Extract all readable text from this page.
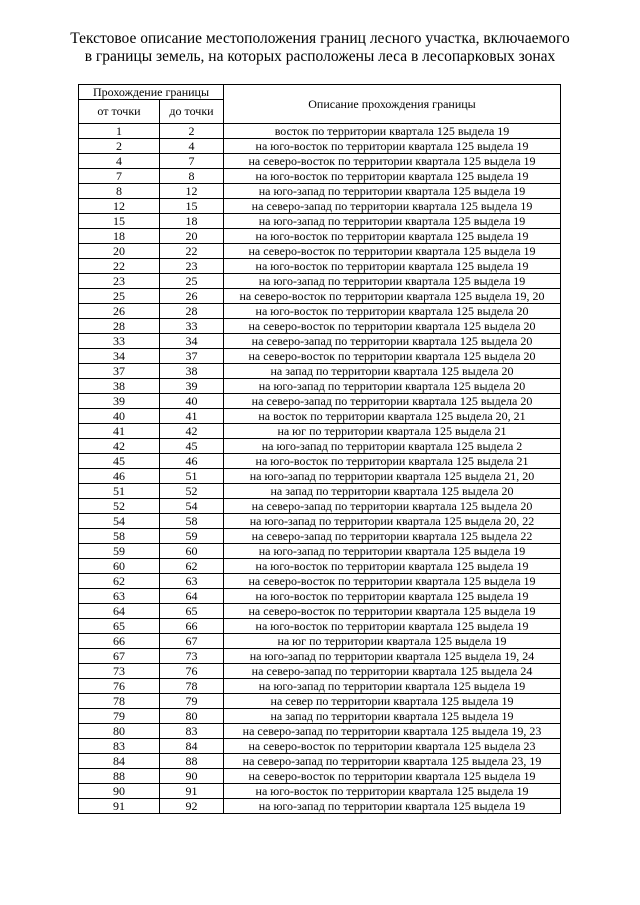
Текстовое описание местоположения границ лесного участка, включаемого
в границы земель, на которых расположены леса в лесопарковых зонах
Прохождение границы		Описание прохождения границы
от точки	до точки	
1	2	восток по территории квартала 125 выдела 19
2	4	на юго-восток по территории квартала 125 выдела 19
4	7	на северо-восток по территории квартала 125 выдела 19
7	8	на юго-восток по территории квартала 125 выдела 19
8	12	на юго-запад по территории квартала 125 выдела 19
12	15	на северо-запад по территории квартала 125 выдела 19
15	18	на юго-запад по территории квартала 125 выдела 19
18	20	на юго-восток по территории квартала 125 выдела 19
20	22	на северо-восток по территории квартала 125 выдела 19
22	23	на юго-восток по территории квартала 125 выдела 19
23	25	на юго-запад по территории квартала 125 выдела 19
25	26	на северо-восток по территории квартала 125 выдела 19, 20
26	28	на юго-восток по территории квартала 125 выдела 20
28	33	на северо-восток по территории квартала 125 выдела 20
33	34	на северо-запад по территории квартала 125 выдела 20
34	37	на северо-восток по территории квартала 125 выдела 20
37	38	на запад по территории квартала 125 выдела 20
38	39	на юго-запад по территории квартала 125 выдела 20
39	40	на северо-запад по территории квартала 125 выдела 20
40	41	на восток по территории квартала 125 выдела 20, 21
41	42	на юг по территории квартала 125 выдела 21
42	45	на юго-запад по территории квартала 125 выдела 2
45	46	на юго-восток по территории квартала 125 выдела 21
46	51	на юго-запад по территории квартала 125 выдела 21, 20
51	52	на запад по территории квартала 125 выдела 20
52	54	на северо-запад по территории квартала 125 выдела 20
54	58	на юго-запад по территории квартала 125 выдела 20, 22
58	59	на северо-запад по территории квартала 125 выдела 22
59	60	на юго-запад по территории квартала 125 выдела 19
60	62	на юго-восток по территории квартала 125 выдела 19
62	63	на северо-восток по территории квартала 125 выдела 19
63	64	на юго-восток по территории квартала 125 выдела 19
64	65	на северо-восток по территории квартала 125 выдела 19
65	66	на юго-восток по территории квартала 125 выдела 19
66	67	на юг по территории квартала 125 выдела 19
67	73	на юго-запад по территории квартала 125 выдела 19, 24
73	76	на северо-запад по территории квартала 125 выдела 24
76	78	на юго-запад по территории квартала 125 выдела 19
78	79	на север по территории квартала 125 выдела 19
79	80	на запад по территории квартала 125 выдела 19
80	83	на северо-запад по территории квартала 125 выдела 19, 23
83	84	на северо-восток по территории квартала 125 выдела 23
84	88	на северо-запад по территории квартала 125 выдела 23, 19
88	90	на северо-восток по территории квартала 125 выдела 19
90	91	на юго-восток по территории квартала 125 выдела 19
91	92	на юго-запад по территории квартала 125 выдела 19
